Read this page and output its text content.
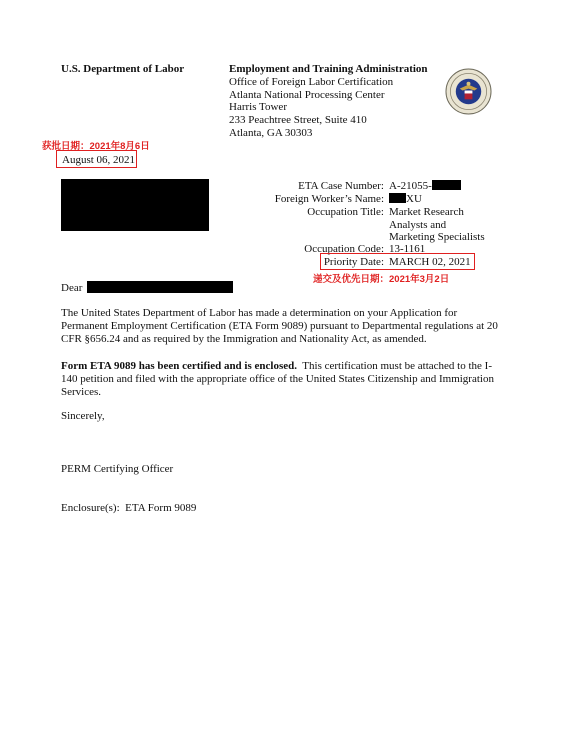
U.S. Department of Labor	Employment and Training Administration
Office of Foreign Labor Certification
Atlanta National Processing Center
Harris Tower
233 Peachtree Street, Suite 410
Atlanta, GA 30303
获批日期：2021年8月6日
August 06, 2021
ETA Case Number: A-21055-
Foreign Worker’s Name:	XU
Occupation Title: Market Research
Analysts and
Marketing Specialists
Occupation Code: 13-1161
Priority Date: MARCH 02, 2021
递交及优先日期：2021年3月2日
Dear
The United States Department of Labor has made a determination on your Application for Permanent Employment Certification (ETA Form 9089) pursuant to Departmental regulations at 20 CFR §656.24 and as required by the Immigration and Nationality Act, as amended.
Form ETA 9089 has been certified and is enclosed. This certification must be attached to the I-140 petition and filed with the appropriate office of the United States Citizenship and Immigration Services.
Sincerely,
PERM Certifying Officer
Enclosure(s):  ETA Form 9089
